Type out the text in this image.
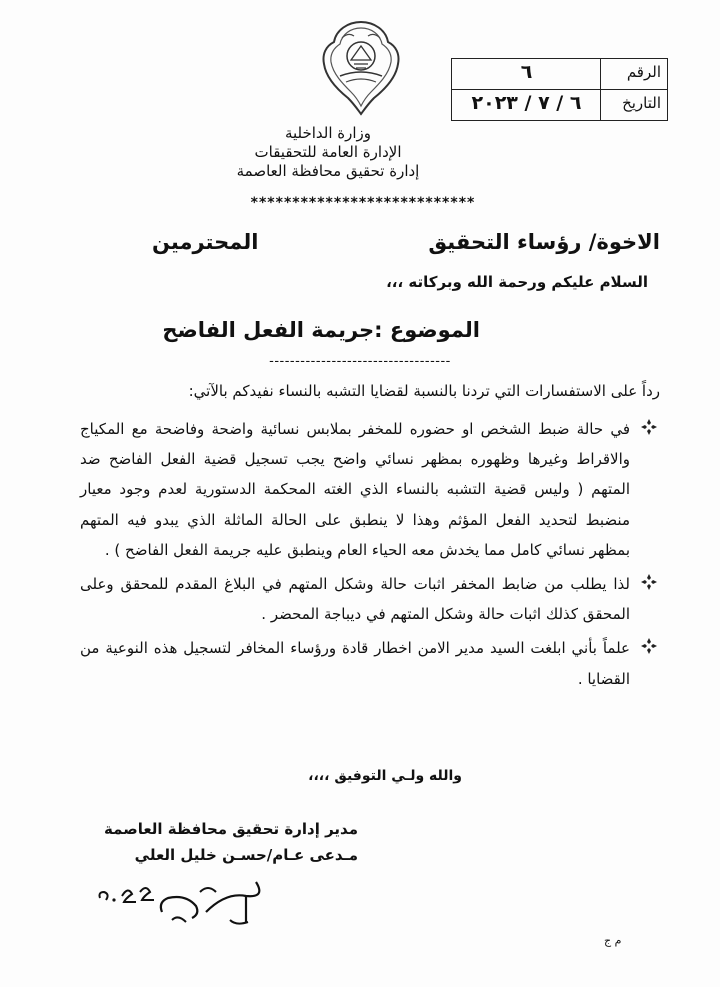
الرقم
٦
التاريخ
٦ / ٧ / ٢٠٢٣
وزارة الداخلية
الإدارة العامة للتحقيقات
إدارة تحقيق محافظة العاصمة
***************************
الاخوة/ رؤساء التحقيق
المحترمين
السلام عليكم ورحمة الله وبركاته ،،،
الموضوع :جريمة الفعل الفاضح
-----------------------------------
رداً على الاستفسارات التي تردنا بالنسبة لقضايا التشبه بالنساء نفيدكم بالآتي:
في حالة ضبط الشخص او حضوره للمخفر بملابس نسائية واضحة وفاضحة مع المكياج والاقراط وغيرها وظهوره بمظهر نسائي واضح يجب تسجيل قضية الفعل الفاضح ضد المتهم ( وليس قضية التشبه بالنساء الذي الغته المحكمة الدستورية لعدم وجود معيار منضبط لتحديد الفعل المؤثم وهذا لا ينطبق على الحالة الماثلة الذي يبدو فيه المتهم بمظهر نسائي كامل مما يخدش معه الحياء العام وينطبق عليه جريمة الفعل الفاضح ) .
لذا يطلب من ضابط المخفر اثبات حالة وشكل المتهم في البلاغ المقدم للمحقق وعلى المحقق كذلك اثبات حالة وشكل المتهم في ديباجة المحضر .
علماً بأني ابلغت السيد مدير الامن اخطار قادة ورؤساء المخافر لتسجيل هذه النوعية من القضايا .
والله ولـي التوفيق ،،،،
مدير إدارة تحقيق محافظة العاصمة
مـدعى عـام/حسـن خليل العلي
م ج
